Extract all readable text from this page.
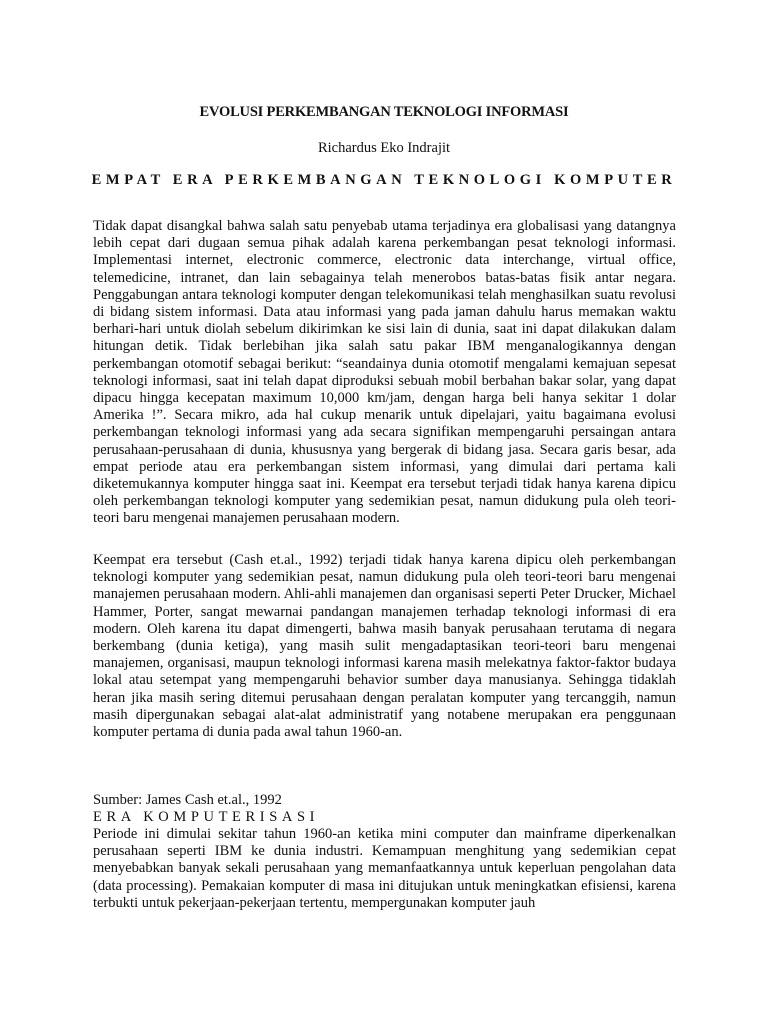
EVOLUSI PERKEMBANGAN TEKNOLOGI INFORMASI
Richardus Eko Indrajit
EMPAT ERA PERKEMBANGAN TEKNOLOGI KOMPUTER

Tidak dapat disangkal bahwa salah satu penyebab utama terjadinya era globalisasi yang datangnya lebih cepat dari dugaan semua pihak adalah karena perkembangan pesat teknologi informasi. Implementasi internet, electronic commerce, electronic data interchange, virtual office, telemedicine, intranet, dan lain sebagainya telah menerobos batas-batas fisik antar negara. Penggabungan antara teknologi komputer dengan telekomunikasi telah menghasilkan suatu revolusi di bidang sistem informasi. Data atau informasi yang pada jaman dahulu harus memakan waktu berhari-hari untuk diolah sebelum dikirimkan ke sisi lain di dunia, saat ini dapat dilakukan dalam hitungan detik. Tidak berlebihan jika salah satu pakar IBM menganalogikannya dengan perkembangan otomotif sebagai berikut: “seandainya dunia otomotif mengalami kemajuan sepesat teknologi informasi, saat ini telah dapat diproduksi sebuah mobil berbahan bakar solar, yang dapat dipacu hingga kecepatan maximum 10,000 km/jam, dengan harga beli hanya sekitar 1 dolar Amerika !”. Secara mikro, ada hal cukup menarik untuk dipelajari, yaitu bagaimana evolusi perkembangan teknologi informasi yang ada secara signifikan mempengaruhi persaingan antara perusahaan-perusahaan di dunia, khususnya yang bergerak di bidang jasa. Secara garis besar, ada empat periode atau era perkembangan sistem informasi, yang dimulai dari pertama kali diketemukannya komputer hingga saat ini. Keempat era tersebut terjadi tidak hanya karena dipicu oleh perkembangan teknologi komputer yang sedemikian pesat, namun didukung pula oleh teori-teori baru mengenai manajemen perusahaan modern.

Keempat era tersebut (Cash et.al., 1992) terjadi tidak hanya karena dipicu oleh perkembangan teknologi komputer yang sedemikian pesat, namun didukung pula oleh teori-teori baru mengenai manajemen perusahaan modern. Ahli-ahli manajemen dan organisasi seperti Peter Drucker, Michael Hammer, Porter, sangat mewarnai pandangan manajemen terhadap teknologi informasi di era modern. Oleh karena itu dapat dimengerti, bahwa masih banyak perusahaan terutama di negara berkembang (dunia ketiga), yang masih sulit mengadaptasikan teori-teori baru mengenai manajemen, organisasi, maupun teknologi informasi karena masih melekatnya faktor-faktor budaya lokal atau setempat yang mempengaruhi behavior sumber daya manusianya. Sehingga tidaklah heran jika masih sering ditemui perusahaan dengan peralatan komputer yang tercanggih, namun masih dipergunakan sebagai alat-alat administratif yang notabene merupakan era penggunaan komputer pertama di dunia pada awal tahun 1960-an.

Sumber: James Cash et.al., 1992
ERA KOMPUTERISASI

Periode ini dimulai sekitar tahun 1960-an ketika mini computer dan mainframe diperkenalkan perusahaan seperti IBM ke dunia industri. Kemampuan menghitung yang sedemikian cepat menyebabkan banyak sekali perusahaan yang memanfaatkannya untuk keperluan pengolahan data (data processing). Pemakaian komputer di masa ini ditujukan untuk meningkatkan efisiensi, karena terbukti untuk pekerjaan-pekerjaan tertentu, mempergunakan komputer jauh
